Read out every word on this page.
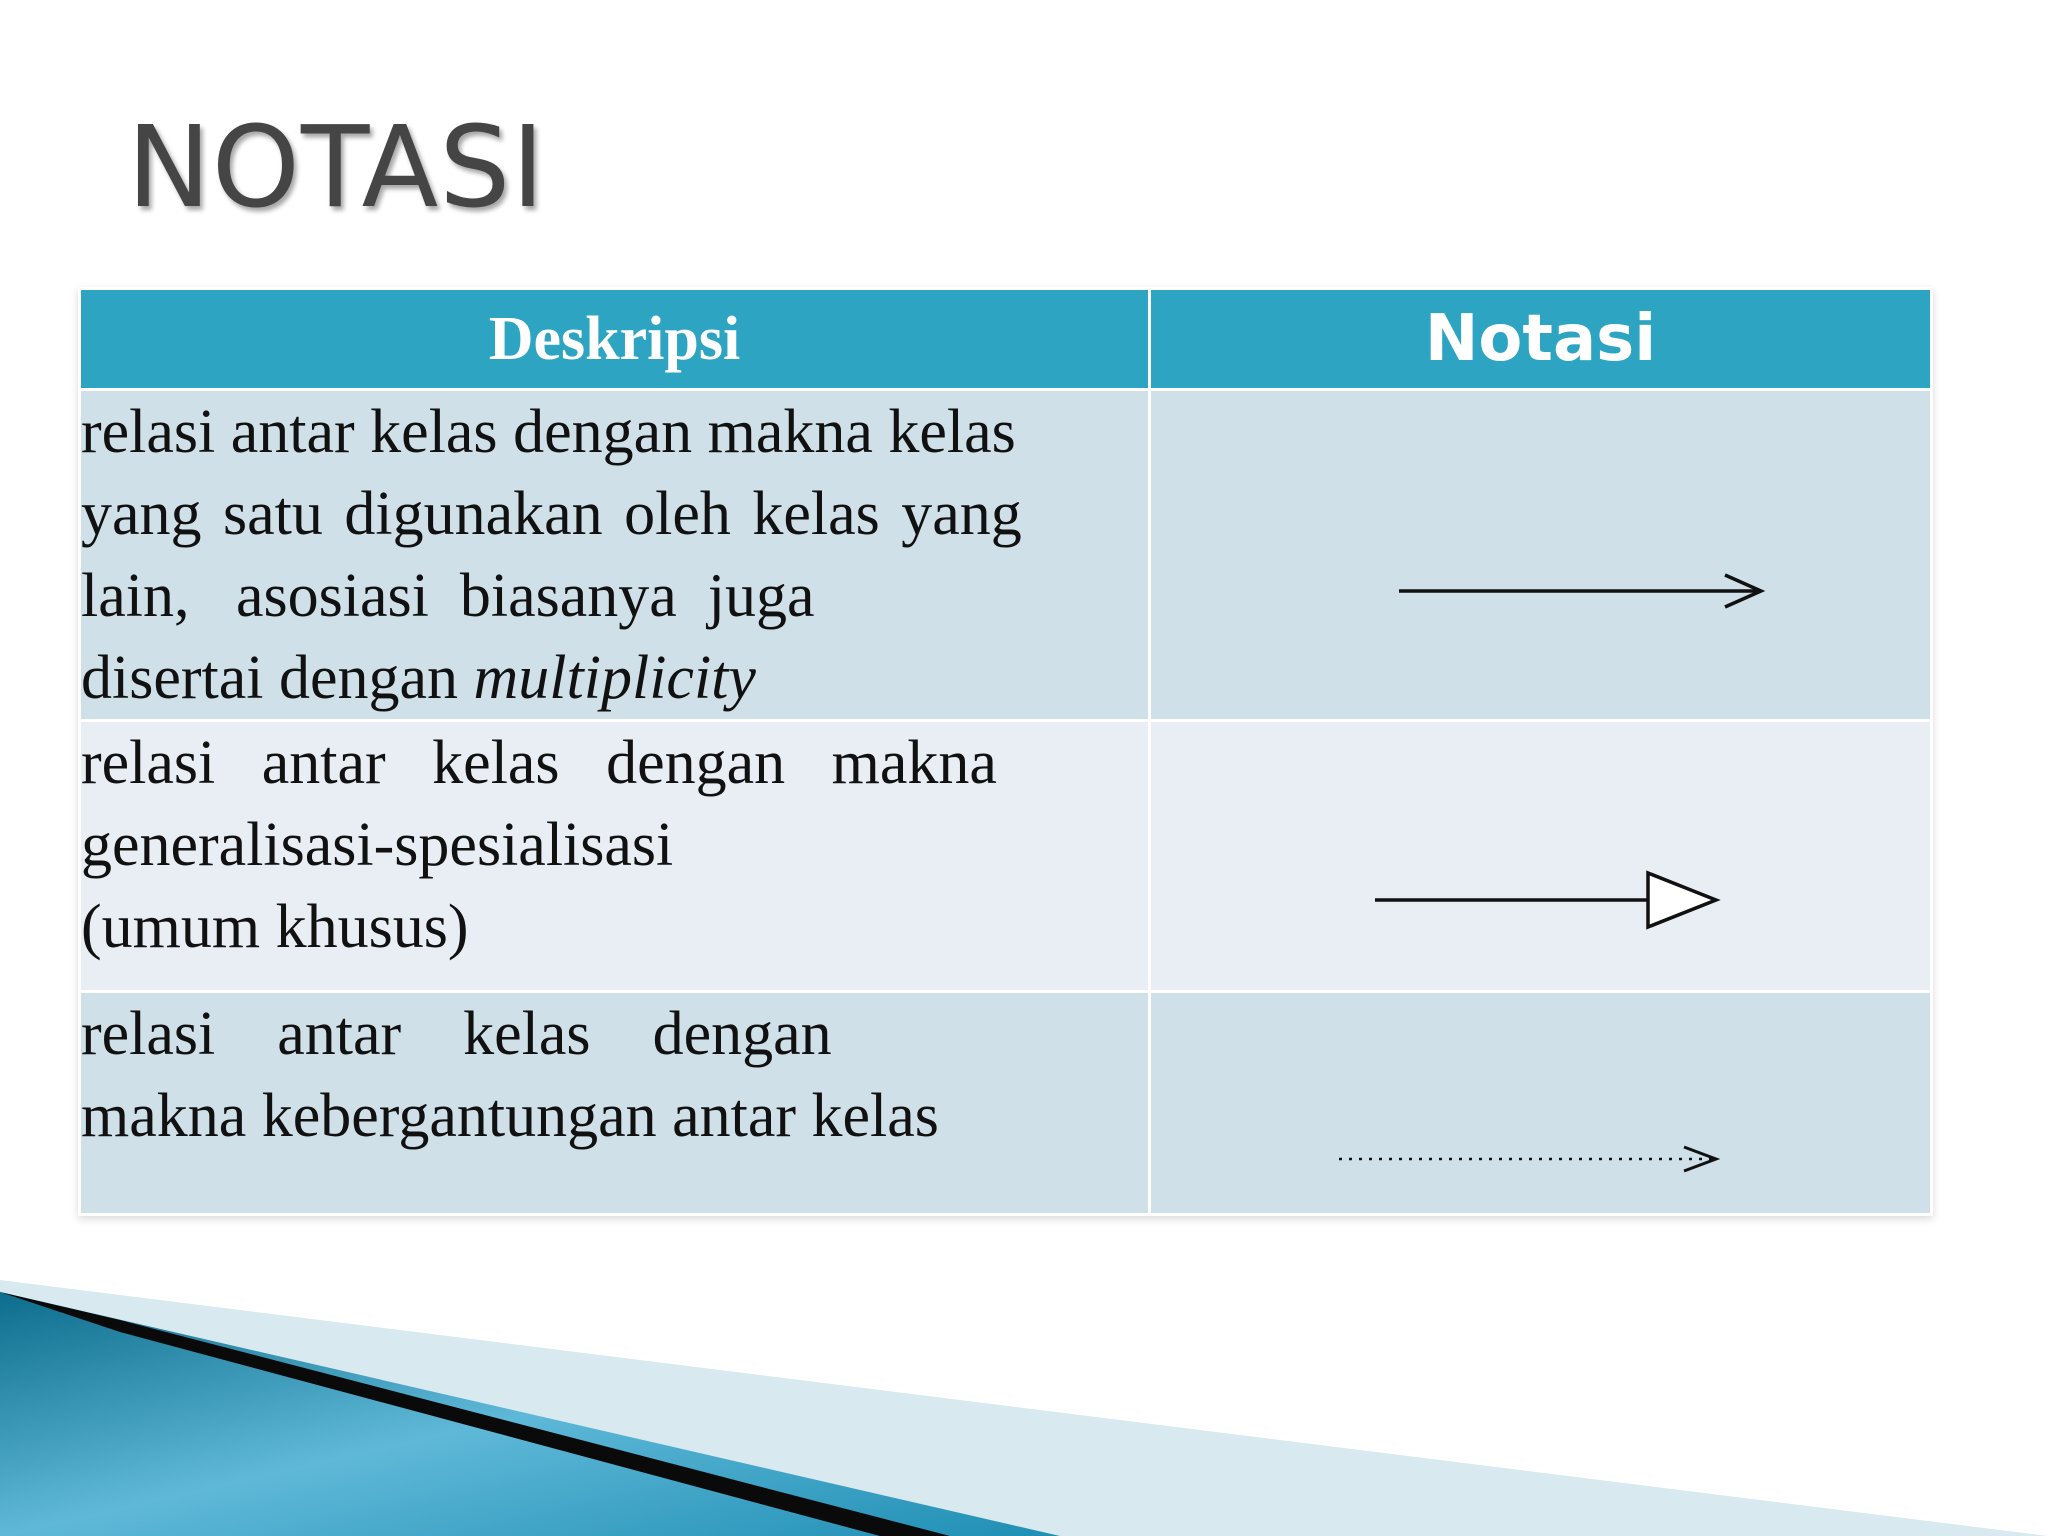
NOTASI
Deskripsi	Notasi

relasi antar kelas dengan makna kelas
yang satu digunakan oleh kelas yang
lain,   asosiasi  biasanya  juga
disertai dengan multiplicity

relasi   antar   kelas   dengan   makna
generalisasi-spesialisasi
(umum khusus)

relasi    antar    kelas    dengan
makna kebergantungan antar kelas
